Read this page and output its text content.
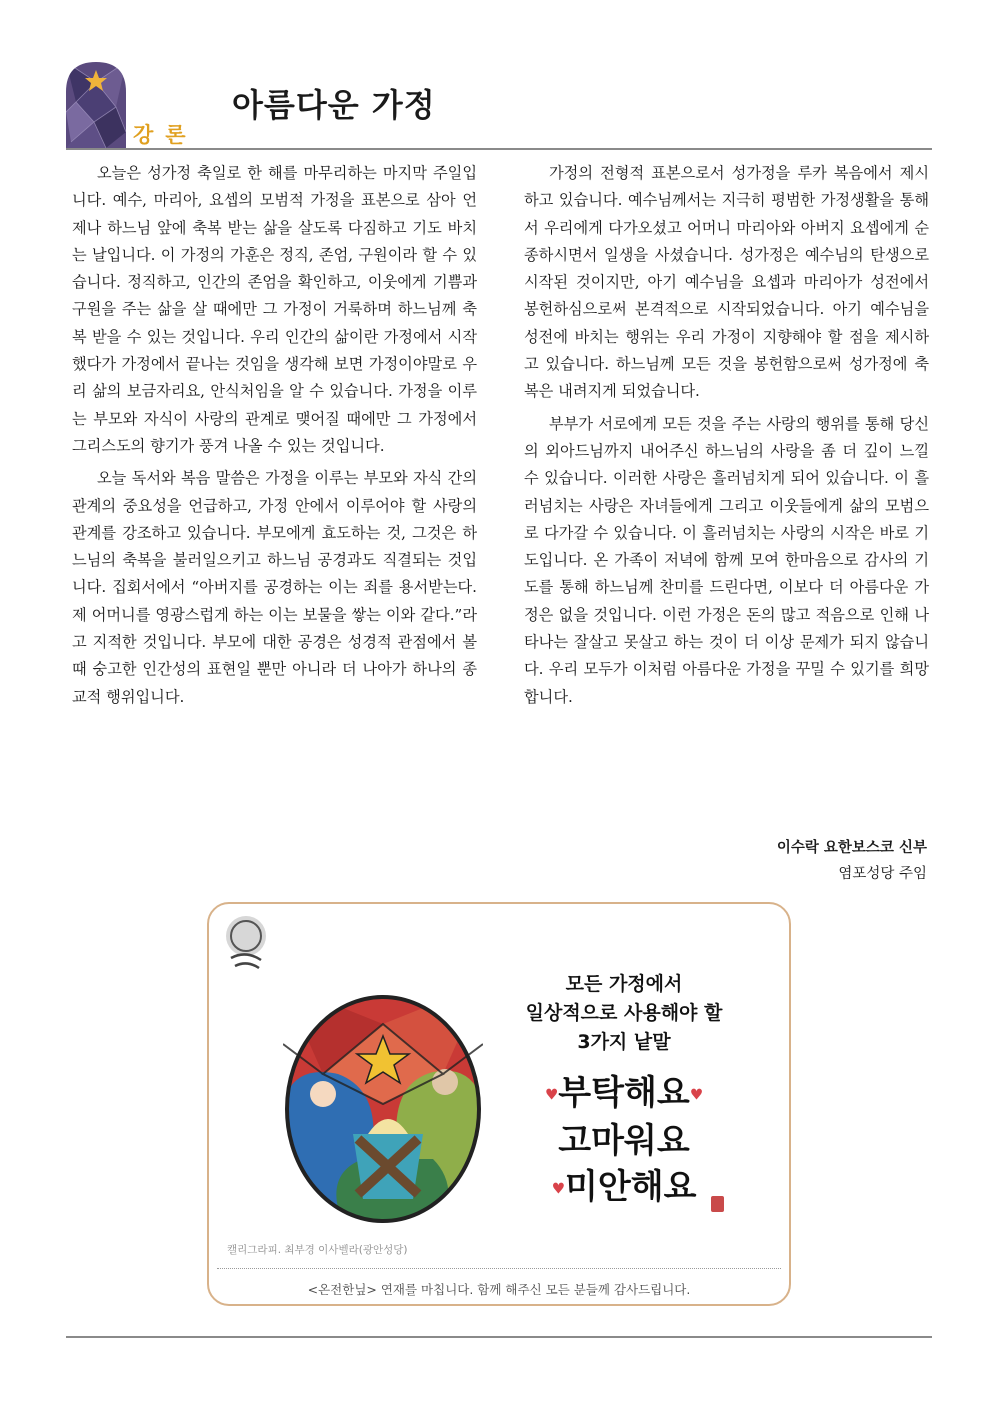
강론
아름다운 가정

오늘은 성가정 축일로 한 해를 마무리하는 마지막 주일입니다. 예수, 마리아, 요셉의 모범적 가정을 표본으로 삼아 언제나 하느님 앞에 축복 받는 삶을 살도록 다짐하고 기도 바치는 날입니다. 이 가정의 가훈은 정직, 존엄, 구원이라 할 수 있습니다. 정직하고, 인간의 존엄을 확인하고, 이웃에게 기쁨과 구원을 주는 삶을 살 때에만 그 가정이 거룩하며 하느님께 축복 받을 수 있는 것입니다. 우리 인간의 삶이란 가정에서 시작했다가 가정에서 끝나는 것임을 생각해 보면 가정이야말로 우리 삶의 보금자리요, 안식처임을 알 수 있습니다. 가정을 이루는 부모와 자식이 사랑의 관계로 맺어질 때에만 그 가정에서 그리스도의 향기가 풍겨 나올 수 있는 것입니다.

오늘 독서와 복음 말씀은 가정을 이루는 부모와 자식 간의 관계의 중요성을 언급하고, 가정 안에서 이루어야 할 사랑의 관계를 강조하고 있습니다. 부모에게 효도하는 것, 그것은 하느님의 축복을 불러일으키고 하느님 공경과도 직결되는 것입니다. 집회서에서 “아버지를 공경하는 이는 죄를 용서받는다. 제 어머니를 영광스럽게 하는 이는 보물을 쌓는 이와 같다.”라고 지적한 것입니다. 부모에 대한 공경은 성경적 관점에서 볼 때 숭고한 인간성의 표현일 뿐만 아니라 더 나아가 하나의 종교적 행위입니다.

가정의 전형적 표본으로서 성가정을 루카 복음에서 제시하고 있습니다. 예수님께서는 지극히 평범한 가정생활을 통해서 우리에게 다가오셨고 어머니 마리아와 아버지 요셉에게 순종하시면서 일생을 사셨습니다. 성가정은 예수님의 탄생으로 시작된 것이지만, 아기 예수님을 요셉과 마리아가 성전에서 봉헌하심으로써 본격적으로 시작되었습니다. 아기 예수님을 성전에 바치는 행위는 우리 가정이 지향해야 할 점을 제시하고 있습니다. 하느님께 모든 것을 봉헌함으로써 성가정에 축복은 내려지게 되었습니다.

부부가 서로에게 모든 것을 주는 사랑의 행위를 통해 당신의 외아드님까지 내어주신 하느님의 사랑을 좀 더 깊이 느낄 수 있습니다. 이러한 사랑은 흘러넘치게 되어 있습니다. 이 흘러넘치는 사랑은 자녀들에게 그리고 이웃들에게 삶의 모범으로 다가갈 수 있습니다. 이 흘러넘치는 사랑의 시작은 바로 기도입니다. 온 가족이 저녁에 함께 모여 한마음으로 감사의 기도를 통해 하느님께 찬미를 드린다면, 이보다 더 아름다운 가정은 없을 것입니다. 이런 가정은 돈의 많고 적음으로 인해 나타나는 잘살고 못살고 하는 것이 더 이상 문제가 되지 않습니다. 우리 모두가 이처럼 아름다운 가정을 꾸밀 수 있기를 희망합니다.

이수락 요한보스코 신부
염포성당 주임
모든 가정에서
일상적으로 사용해야 할
3가지 낱말
♥부탁해요♥
고마워요
♥미안해요
캘리그라피. 최부경 이사벨라(광안성당)
<온전한닢> 연재를 마칩니다. 함께 해주신 모든 분들께 감사드립니다.
